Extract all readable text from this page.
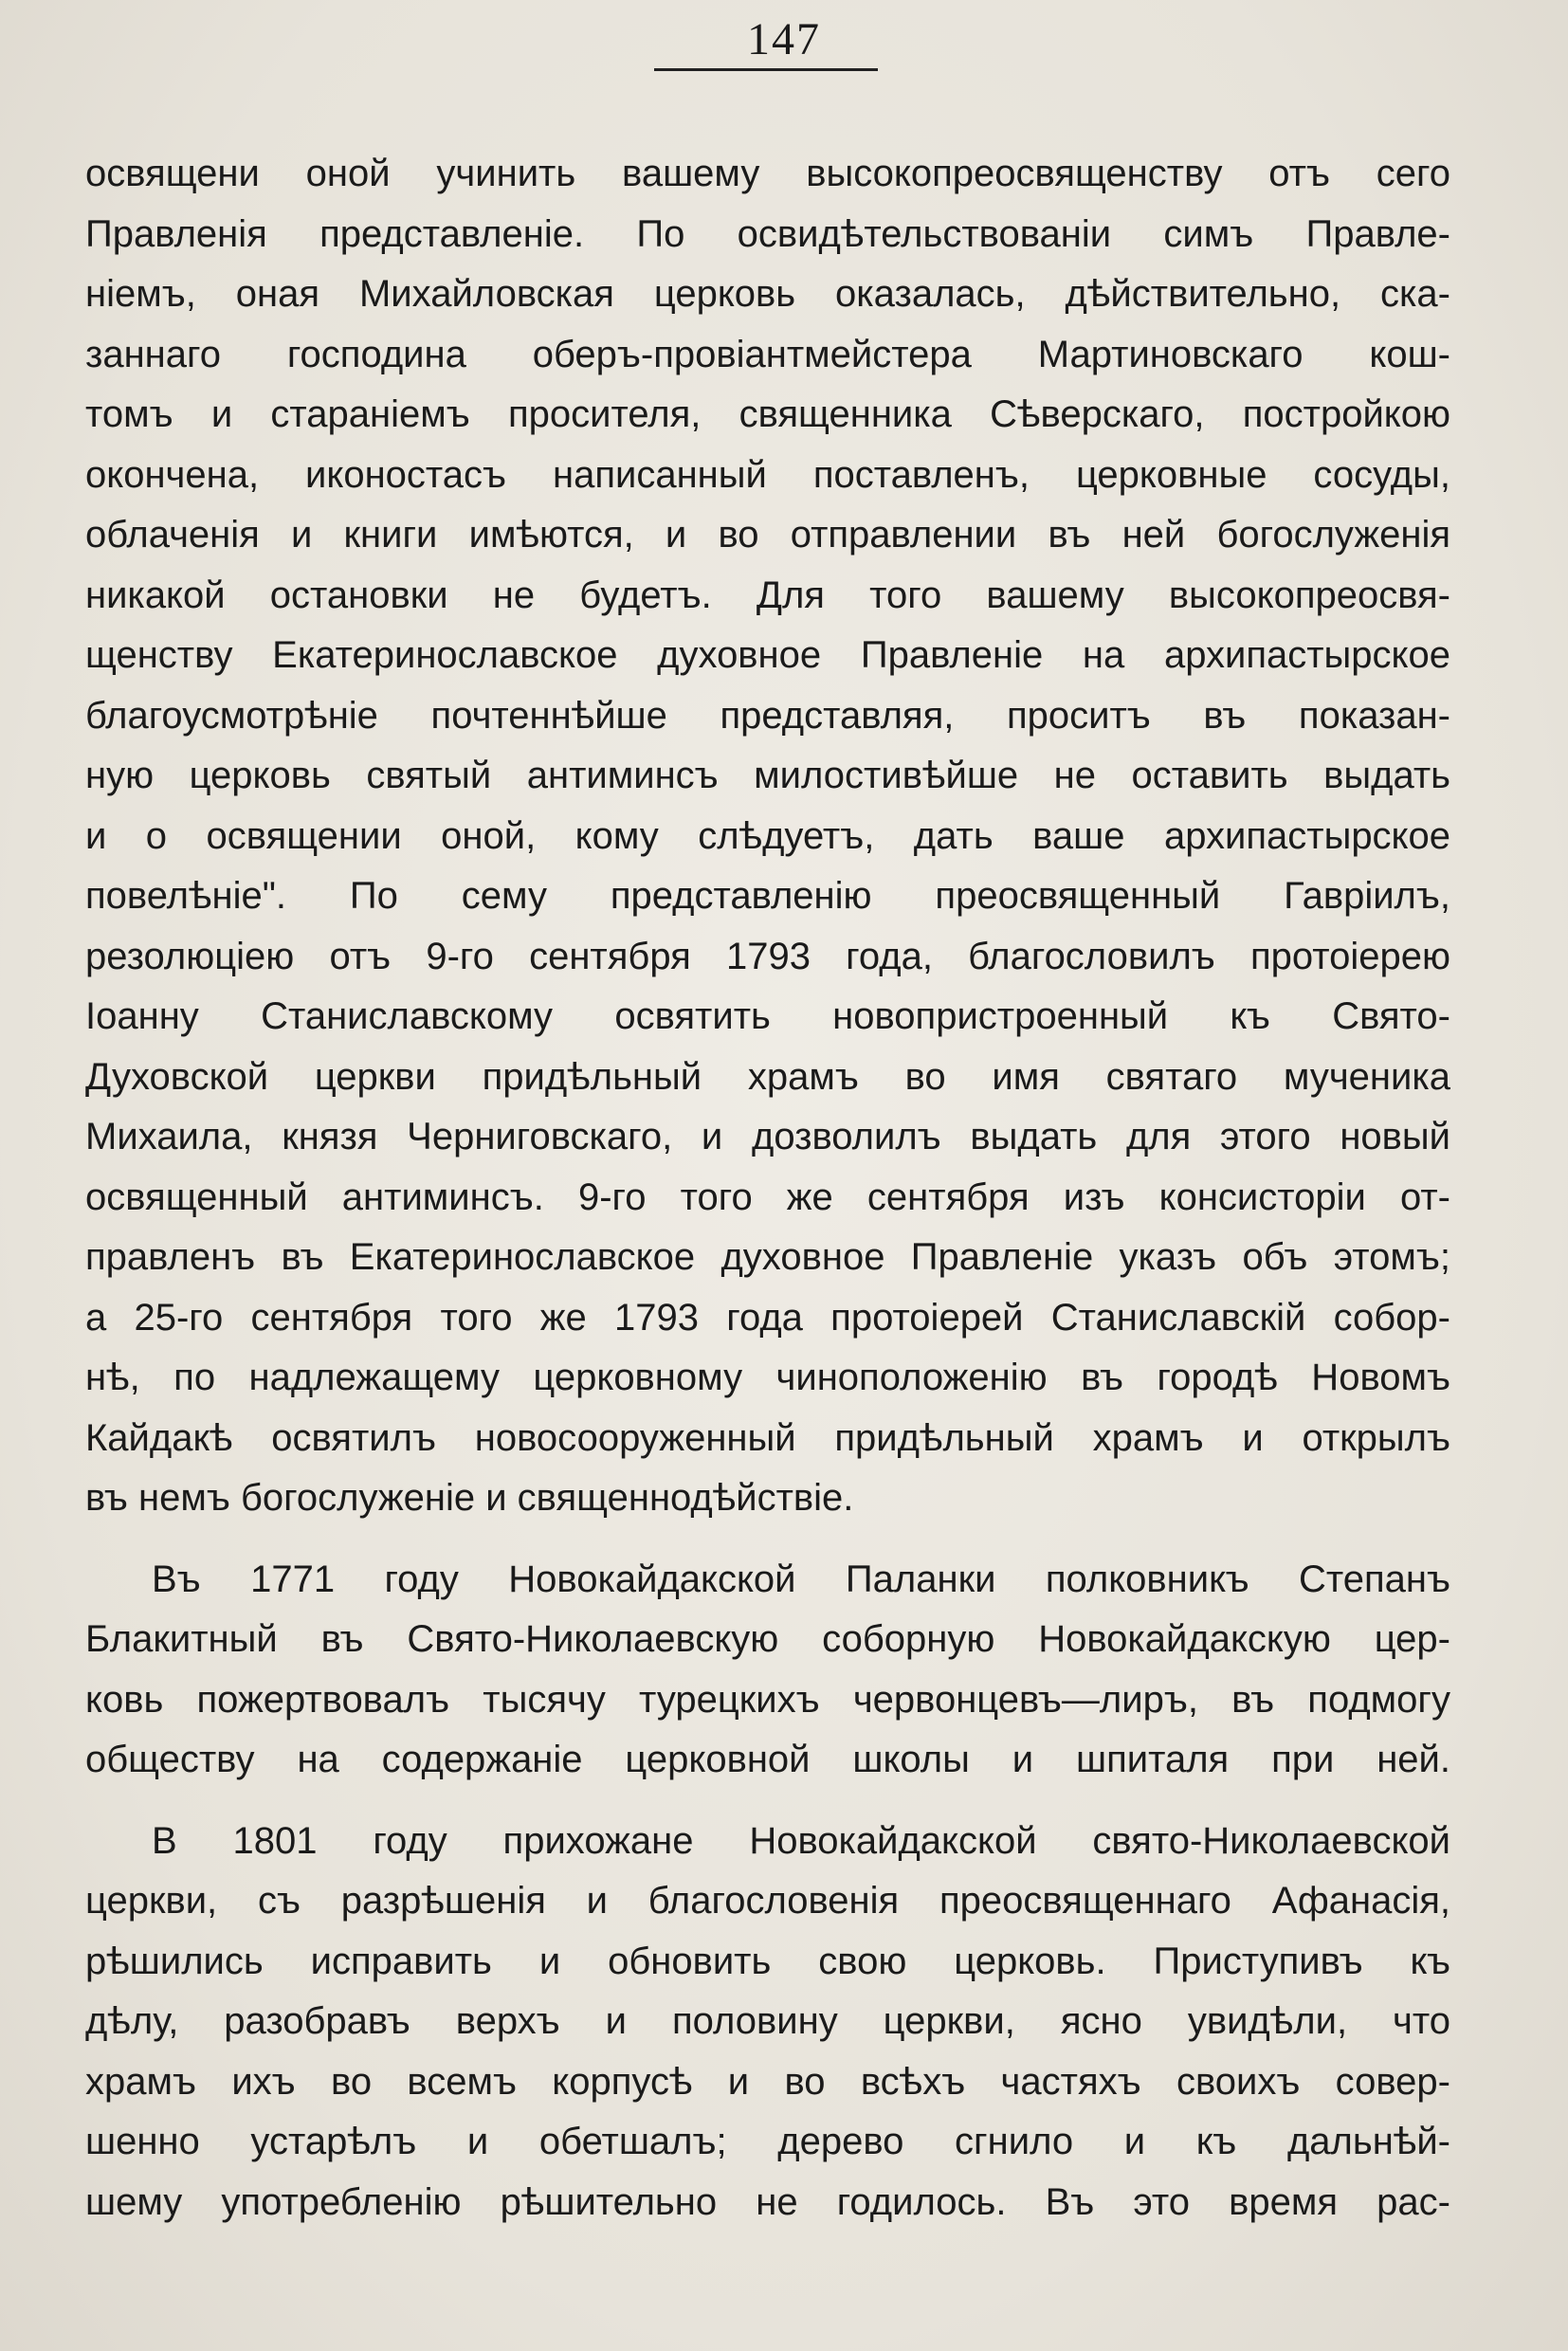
147
освящени оной учинить вашему высокопреосвященству отъ сего
Правленія представленіе. По освидѣтельствованіи симъ Правле-
ніемъ, оная Михайловская церковь оказалась, дѣйствительно, ска-
заннаго господина оберъ-провіантмейстера Мартиновскаго кош-
томъ и стараніемъ просителя, священника Сѣверскаго, постройкою
окончена, иконостасъ написанный поставленъ, церковные сосуды,
облаченія и книги имѣются, и во отправлении въ ней богослуженія
никакой остановки не будетъ. Для того вашему высокопреосвя-
щенству Екатеринославское духовное Правленіе на архипастырское
благоусмотрѣніе почтеннѣйше представляя, проситъ въ показан-
ную церковь святый антиминсъ милостивѣйше не оставить выдать
и о освящении оной, кому слѣдуетъ, дать ваше архипастырское
повелѣніе". По сему представленію преосвященный Гавріилъ,
резолюціею отъ 9-го сентября 1793 года, благословилъ протоіерею
Іоанну Станиславскому освятить новопристроенный къ Свято-
Духовской церкви придѣльный храмъ во имя святаго мученика
Михаила, князя Черниговскаго, и дозволилъ выдать для этого новый
освященный антиминсъ. 9-го того же сентября изъ консисторіи от-
правленъ въ Екатеринославское духовное Правленіе указъ объ этомъ;
а 25-го сентября того же 1793 года протоіерей Станиславскій собор-
нѣ, по надлежащему церковному чиноположенію въ городѣ Новомъ
Кайдакѣ освятилъ новосооруженный придѣльный храмъ и открылъ
въ немъ богослуженіе и священнодѣйствіе.
Въ 1771 году Новокайдакской Паланки полковникъ Степанъ
Блакитный въ Свято-Николаевскую соборную Новокайдакскую цер-
ковь пожертвовалъ тысячу турецкихъ червонцевъ—лиръ, въ подмогу
обществу на содержаніе церковной школы и шпиталя при ней.
В 1801 году прихожане Новокайдакской свято-Николаевской
церкви, съ разрѣшенія и благословенія преосвященнаго Афанасія,
рѣшились исправить и обновить свою церковь. Приступивъ къ
дѣлу, разобравъ верхъ и половину церкви, ясно увидѣли, что
храмъ ихъ во всемъ корпусѣ и во всѣхъ частяхъ своихъ совер-
шенно устарѣлъ и обетшалъ; дерево сгнило и къ дальнѣй-
шему употребленію рѣшительно не годилось. Въ это время рас-
